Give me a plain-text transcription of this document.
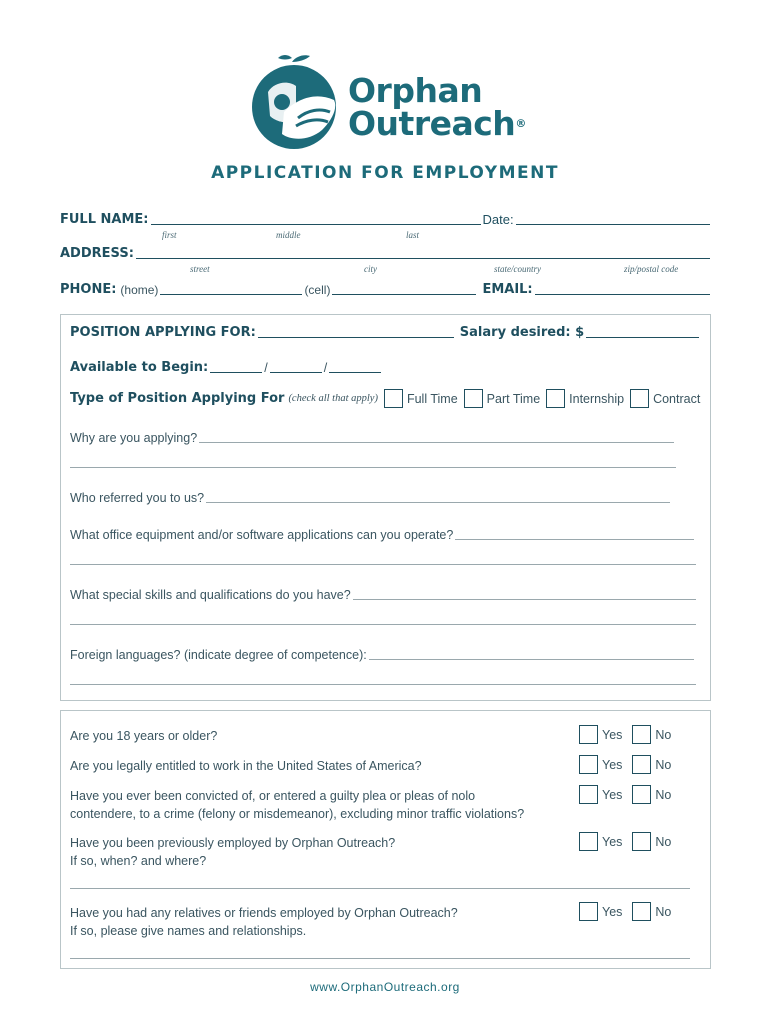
Orphan
Outreach®
APPLICATION FOR EMPLOYMENT
FULL NAME :	Date:
first	middle	last
ADDRESS :
street	city	state/country	zip/postal code
PHONE: (home)	(cell)	EMAIL:
POSITION APPLYING FOR :	Salary desired: $
Available to Begin:	/	/
Type of Position Applying For (check all that apply) Full Time Part Time Internship Contract
Why are you applying?
Who referred you to us?
What office equipment and/or software applications can you operate?
What special skills and qualifications do you have?
Foreign languages? (indicate degree of competence):
Are you 18 years or older?	Yes	No
Are you legally entitled to work in the United States of America?	Yes	No
Have you ever been convicted of, or entered a guilty plea or pleas of nolo
contendere, to a crime (felony or misdemeanor), excluding minor traffic violations?
Yes	No
Have you been previously employed by Orphan Outreach?
If so, when? and where?
Yes	No
Have you had any relatives or friends employed by Orphan Outreach?
If so, please give names and relationships.
Yes	No
www.OrphanOutreach.org
